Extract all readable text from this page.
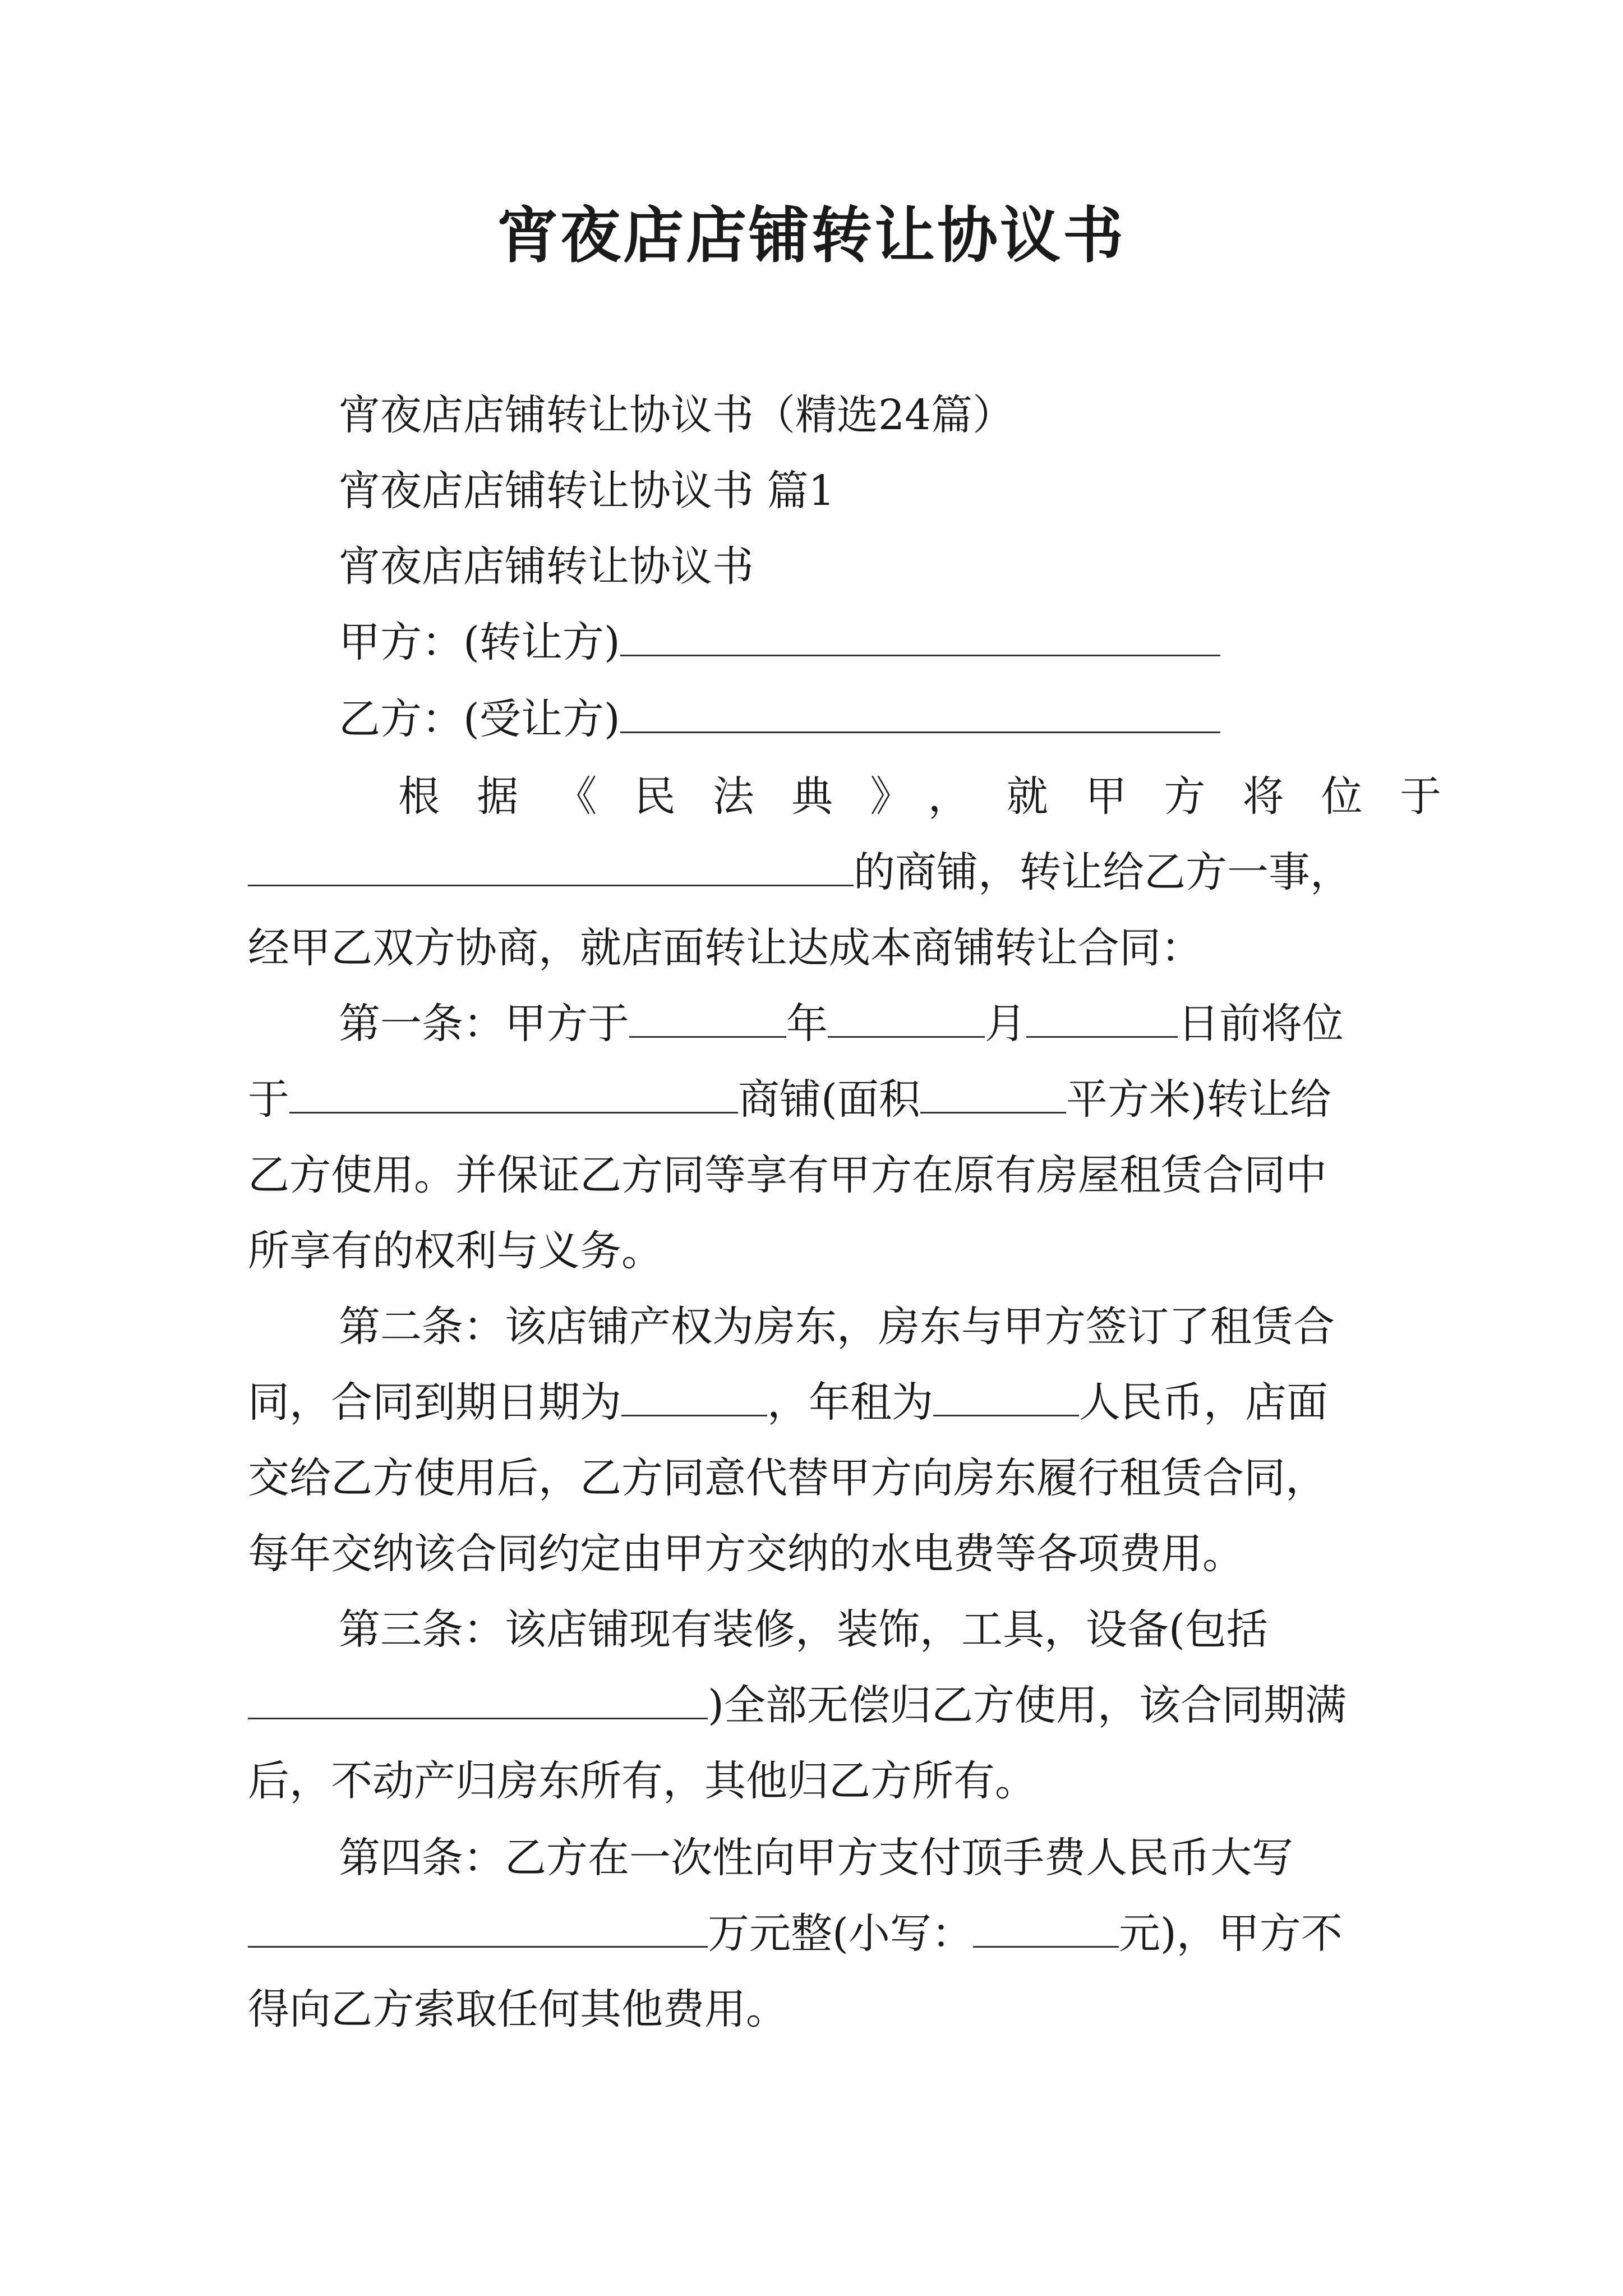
宵夜店店铺转让协议书
宵夜店店铺转让协议书（精选24篇）
宵夜店店铺转让协议书 篇1
宵夜店店铺转让协议书
甲方：(转让方)
乙方：(受让方)
根据《民法典》，就甲方将位于
的商铺，转让给乙方一事，
经甲乙双方协商，就店面转让达成本商铺转让合同：
第一条：甲方于	年	月	日前将位
于	商铺(面积	平方米)转让给
乙方使用。并保证乙方同等享有甲方在原有房屋租赁合同中
所享有的权利与义务。
第二条：该店铺产权为房东，房东与甲方签订了租赁合
同，合同到期日期为	，年租为	人民币，店面
交给乙方使用后，乙方同意代替甲方向房东履行租赁合同，
每年交纳该合同约定由甲方交纳的水电费等各项费用。
第三条：该店铺现有装修，装饰，工具，设备(包括
)全部无偿归乙方使用，该合同期满
后，不动产归房东所有，其他归乙方所有。
第四条：乙方在一次性向甲方支付顶手费人民币大写
万元整(小写：	元)，甲方不
得向乙方索取任何其他费用。
